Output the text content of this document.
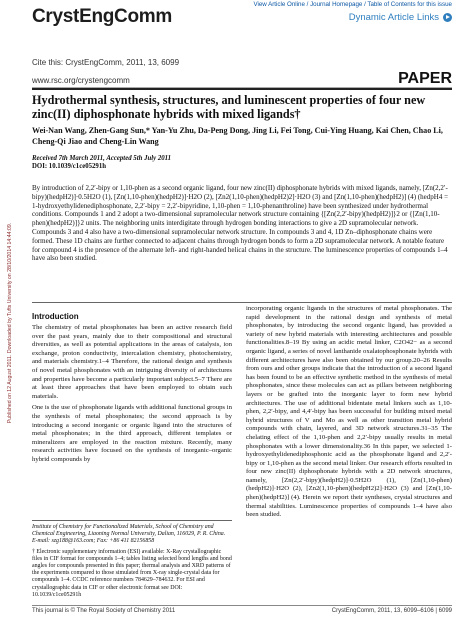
Published on 12 August 2011. Downloaded by Tufts University on 28/10/2014 14:44:09.
CrystEngComm
View Article Online / Journal Homepage / Table of Contents for this issue
Dynamic Article Links
Cite this: CrystEngComm, 2011, 13, 6099
www.rsc.org/crystengcomm	PAPER
Hydrothermal synthesis, structures, and luminescent properties of four new zinc(II) diphosphonate hybrids with mixed ligands†
Wei-Nan Wang, Zhen-Gang Sun,* Yan-Yu Zhu, Da-Peng Dong, Jing Li, Fei Tong, Cui-Ying Huang, Kai Chen, Chao Li, Cheng-Qi Jiao and Cheng-Lin Wang
Received 7th March 2011, Accepted 5th July 2011
DOI: 10.1039/c1ce05291h
By introduction of 2,2′-bipy or 1,10-phen as a second organic ligand, four new zinc(II) diphosphonate hybrids with mixed ligands, namely, [Zn(2,2′-bipy)(hedpH2)]·0.5H2O (1), [Zn(1,10-phen)(hedpH2)]·H2O (2), [Zn2(1,10-phen)(hedpH2)2]·H2O (3) and [Zn(1,10-phen)(hedpH2)] (4) (hedpH4 = 1-hydroxyethylidenediphosphonate, 2,2′-bipy = 2,2′-bipyridine, 1,10-phen = 1,10-phenanthroline) have been synthesized under hydrothermal conditions. Compounds 1 and 2 adopt a two-dimensional supramolecular network structure containing {[Zn(2,2′-bipy)(hedpH2)]}2 or {[Zn(1,10-phen)(hedpH2)]}2 units. The neighboring units interdigitate through hydrogen bonding interactions to give a 2D supramolecular network. Compounds 3 and 4 also have a two-dimensional supramolecular network structure. In compounds 3 and 4, 1D Zn–diphosphonate chains were formed. These 1D chains are further connected to adjacent chains through hydrogen bonds to form a 2D supramolecular network. A notable feature for compound 4 is the presence of the alternate left- and right-handed helical chains in the structure. The luminescence properties of compounds 1–4 have also been studied.
Introduction

The chemistry of metal phosphonates has been an active research field over the past years, mainly due to their compositional and structural diversities, as well as potential applications in the areas of catalysis, ion exchange, proton conductivity, intercalation chemistry, photochemistry, and materials chemistry.1–4 Therefore, the rational design and synthesis of novel metal phosphonates with an intriguing diversity of architectures and properties have become a particularly important subject.5–7 There are at least three approaches that have been employed to obtain such materials.

One is the use of phosphonate ligands with additional functional groups in the synthesis of metal phosphonates; the second approach is by introducing a second inorganic or organic ligand into the structures of metal phosphonates; in the third approach, different templates or mineralizers are employed in the reaction mixture. Recently, many research activities have focused on the synthesis of inorganic–organic hybrid compounds by

incorporating organic ligands in the structures of metal phosphonates. The rapid development in the rational design and synthesis of metal phosphonates, by introducing the second organic ligand, has provided a variety of new hybrid materials with interesting architectures and possible functionalities.8–19 By using an acidic metal linker, C2O42− as a second organic ligand, a series of novel lanthanide oxalatophosphonate hybrids with different architectures have also been obtained by our group.20–26 Results from ours and other groups indicate that the introduction of a second ligand has been found to be an effective synthetic method in the synthesis of metal phosphonates, since these molecules can act as pillars between neighboring layers or be grafted into the inorganic layer to form new hybrid architectures. The use of additional bidentate metal linkers such as 1,10-phen, 2,2′-bipy, and 4,4′-bipy has been successful for building mixed metal hybrid structures of V and Mo as well as other transition metal hybrid compounds with chain, layered, and 3D network structures.31–35 The chelating effect of the 1,10-phen and 2,2′-bipy usually results in metal phosphonates with a lower dimensionality.36 In this paper, we selected 1-hydroxyethylidenediphosphonic acid as the phosphonate ligand and 2,2′-bipy or 1,10-phen as the second metal linker. Our research efforts resulted in four new zinc(II) diphosphonate hybrids with a 2D network structures, namely, [Zn(2,2′-bipy)(hedpH2)]·0.5H2O (1), [Zn(1,10-phen)(hedpH2)]·H2O (2), [Zn2(1,10-phen)(hedpH2)2]·H2O (3) and [Zn(1,10-phen)(hedpH2)] (4). Herein we report their syntheses, crystal structures and thermal stabilities. Luminescence properties of compounds 1–4 have also been studied.

Institute of Chemistry for Functionalized Materials, School of Chemistry and Chemical Engineering, Liaoning Normal University, Dalian, 116029, P. R. China. E-mail: szg188@163.com; Fax: +86 411 82156858

† Electronic supplementary information (ESI) available: X-Ray crystallographic files in CIF format for compounds 1–4; tables listing selected bond lengths and bond angles for compounds presented in this paper; thermal analysis and XRD patterns of the experiments compared to those simulated from X-ray single-crystal data for compounds 1–4. CCDC reference numbers 784629–784632. For ESI and crystallographic data in CIF or other electronic format see DOI: 10.1039/c1ce05291h

This journal is © The Royal Society of Chemistry 2011	CrystEngComm, 2011, 13, 6099–6106 | 6099
